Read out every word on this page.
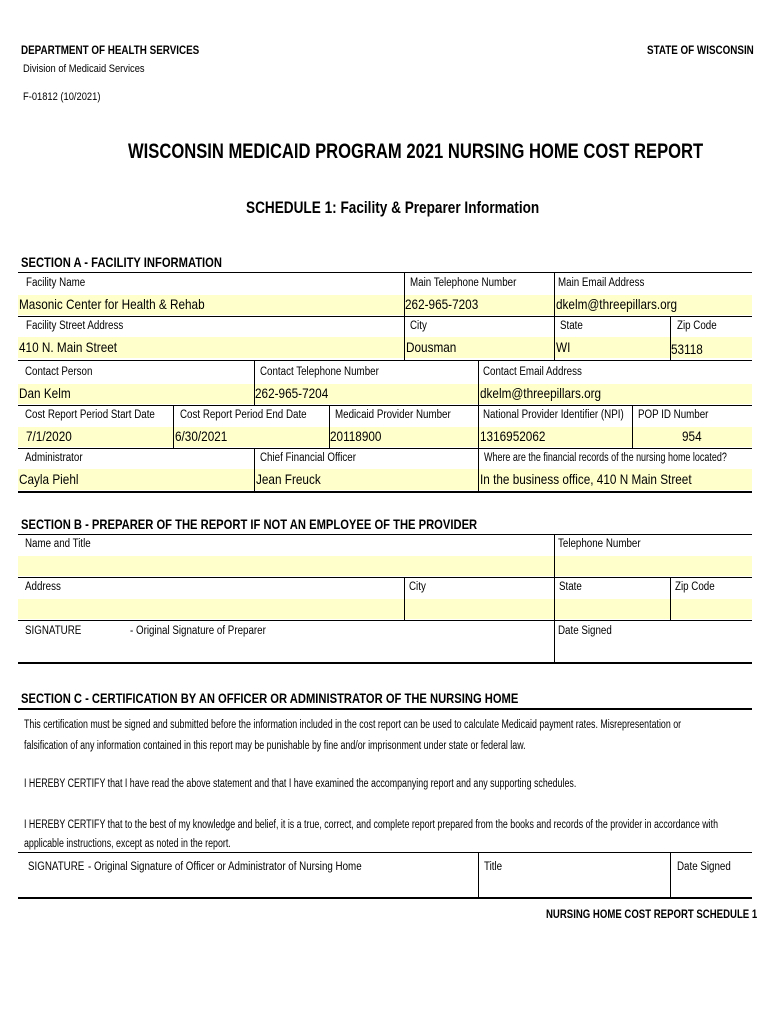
DEPARTMENT OF HEALTH SERVICES
Division of Medicaid Services
F-01812 (10/2021)
STATE OF WISCONSIN
WISCONSIN MEDICAID PROGRAM 2021 NURSING HOME COST REPORT
SCHEDULE 1: Facility & Preparer Information
SECTION A - FACILITY INFORMATION
Facility Name
Masonic Center for Health & Rehab
Main Telephone Number
262-965-7203
Main Email Address
dkelm@threepillars.org
Facility Street Address
410 N. Main Street
City
Dousman
State
WI
Zip Code
53118
Contact Person
Dan Kelm
Contact Telephone Number
262-965-7204
Contact Email Address
dkelm@threepillars.org
Cost Report Period Start Date
7/1/2020
Cost Report Period End Date
6/30/2021
Medicaid Provider Number
20118900
National Provider Identifier (NPI)
1316952062
POP ID Number
954
Administrator
Cayla Piehl
Chief Financial Officer
Jean Freuck
Where are the financial records of the nursing home located?
In the business office, 410 N Main Street
SECTION B - PREPARER OF THE REPORT IF NOT AN EMPLOYEE OF THE PROVIDER
Name and Title	Telephone Number
Address	City	State	Zip Code
SIGNATURE	- Original Signature of Preparer	Date Signed
SECTION C - CERTIFICATION BY AN OFFICER OR ADMINISTRATOR OF THE NURSING HOME
This certification must be signed and submitted before the information included in the cost report can be used to calculate Medicaid payment rates. Misrepresentation or
falsification of any information contained in this report may be punishable by fine and/or imprisonment under state or federal law.
I HEREBY CERTIFY that I have read the above statement and that I have examined the accompanying report and any supporting schedules.
I HEREBY CERTIFY that to the best of my knowledge and belief, it is a true, correct, and complete report prepared from the books and records of the provider in accordance with
applicable instructions, except as noted in the report.
SIGNATURE - Original Signature of Officer or Administrator of Nursing Home	Title	Date Signed
NURSING HOME COST REPORT SCHEDULE 1
